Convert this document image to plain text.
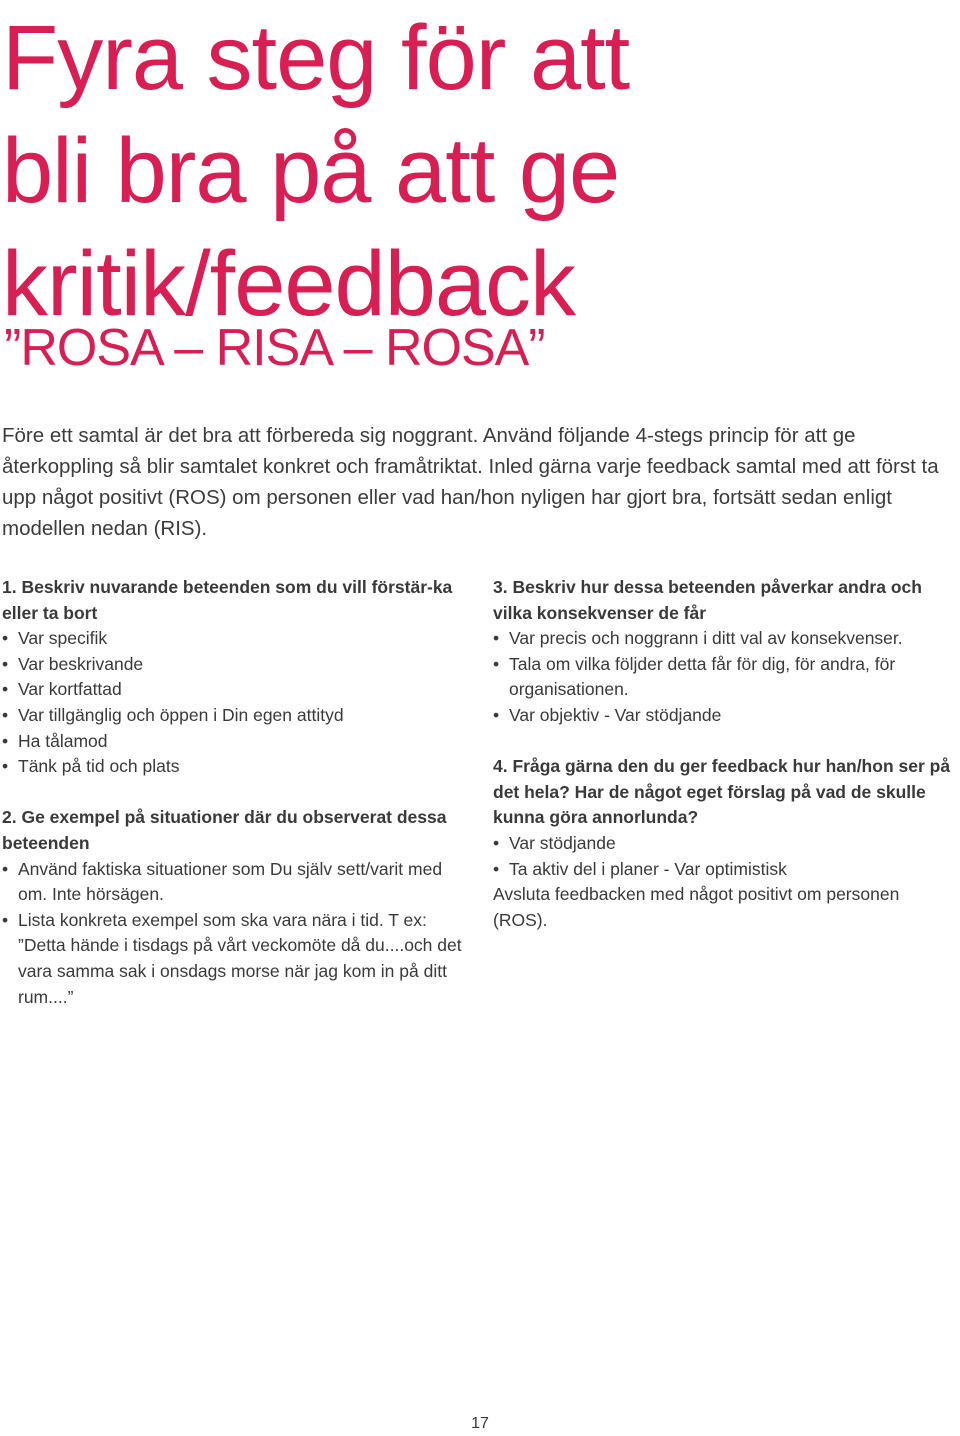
Fyra steg för att
bli bra på att ge
kritik/feedback
”ROSA – RISA – ROSA”

Före ett samtal är det bra att förbereda sig noggrant. Använd följande 4-stegs princip för att ge återkoppling så blir samtalet konkret och framåtriktat. Inled gärna varje feedback samtal med att först ta upp något positivt (ROS) om personen eller vad han/hon nyligen har gjort bra, fortsätt sedan enligt modellen nedan (RIS).

1. Beskriv nuvarande beteenden som du vill förstär-ka eller ta bort

• Var specifik
• Var beskrivande
• Var kortfattad
• Var tillgänglig och öppen i Din egen attityd
• Ha tålamod
• Tänk på tid och plats

2. Ge exempel på situationer där du observerat dessa beteenden

• Använd faktiska situationer som Du själv sett/varit med om. Inte hörsägen.
• Lista konkreta exempel som ska vara nära i tid. T ex: ”Detta hände i tisdags på vårt veckomöte då du....och det vara samma sak i onsdags morse när jag kom in på ditt rum....”

3. Beskriv hur dessa beteenden påverkar andra och vilka konsekvenser de får

• Var precis och noggrann i ditt val av konsekvenser.
• Tala om vilka följder detta får för dig, för andra, för organisationen.
• Var objektiv - Var stödjande

4. Fråga gärna den du ger feedback hur han/hon ser på det hela? Har de något eget förslag på vad de skulle kunna göra annorlunda?

• Var stödjande
• Ta aktiv del i planer - Var optimistisk

Avsluta feedbacken med något positivt om personen (ROS).

17
